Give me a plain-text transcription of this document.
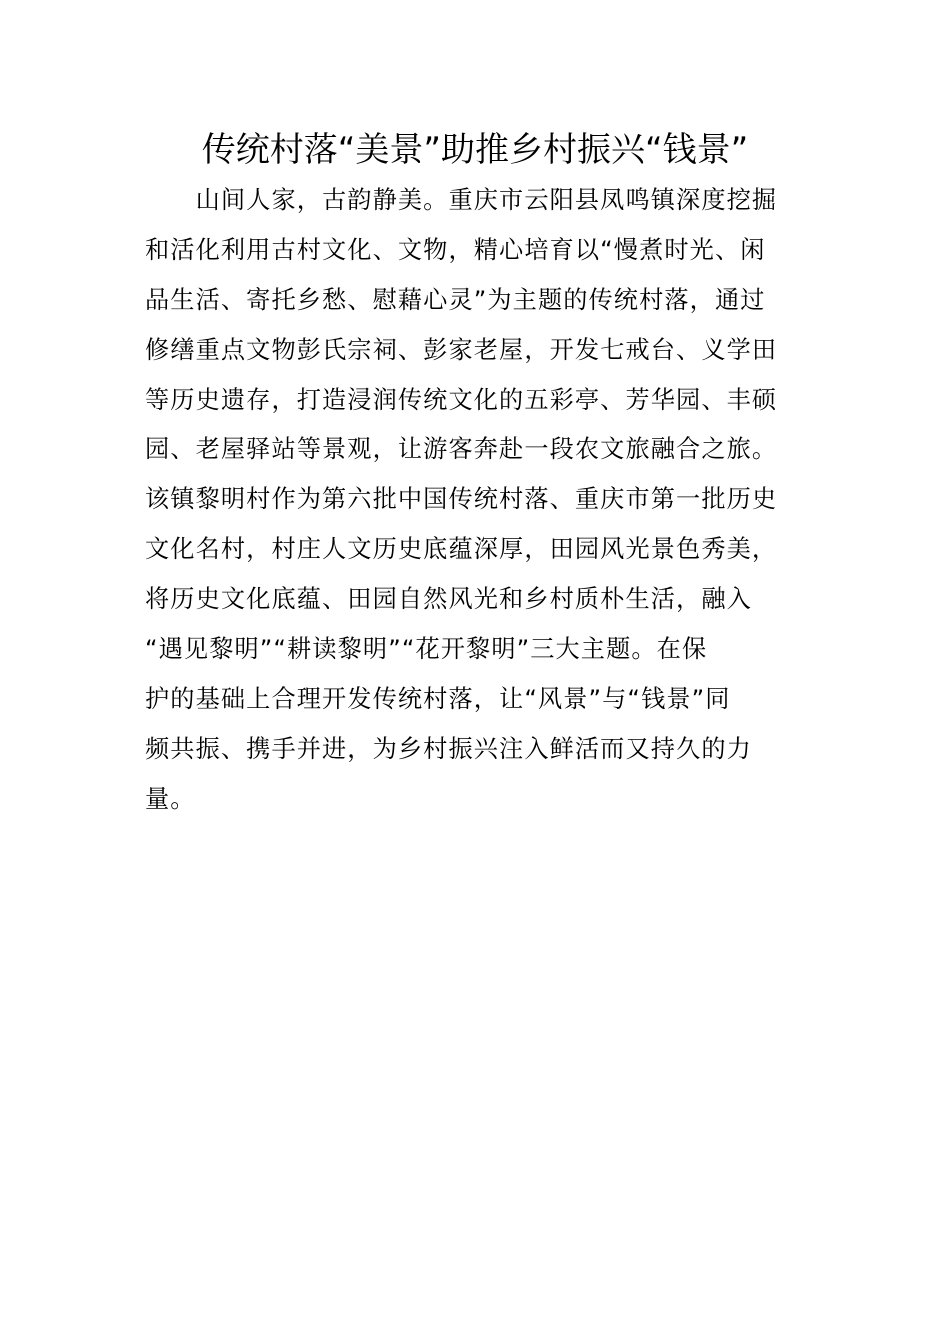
传统村落“美景”助推乡村振兴“钱景”
　　山间人家，古韵静美。重庆市云阳县凤鸣镇深度挖掘
和活化利用古村文化、文物，精心培育以“慢煮时光、闲
品生活、寄托乡愁、慰藉心灵”为主题的传统村落，通过
修缮重点文物彭氏宗祠、彭家老屋，开发七戒台、义学田
等历史遗存，打造浸润传统文化的五彩亭、芳华园、丰硕
园、老屋驿站等景观，让游客奔赴一段农文旅融合之旅。
该镇黎明村作为第六批中国传统村落、重庆市第一批历史
文化名村，村庄人文历史底蕴深厚，田园风光景色秀美，
将历史文化底蕴、田园自然风光和乡村质朴生活，融入
“遇见黎明”“耕读黎明”“花开黎明”三大主题。在保
护的基础上合理开发传统村落，让“风景”与“钱景”同
频共振、携手并进，为乡村振兴注入鲜活而又持久的力
量。
